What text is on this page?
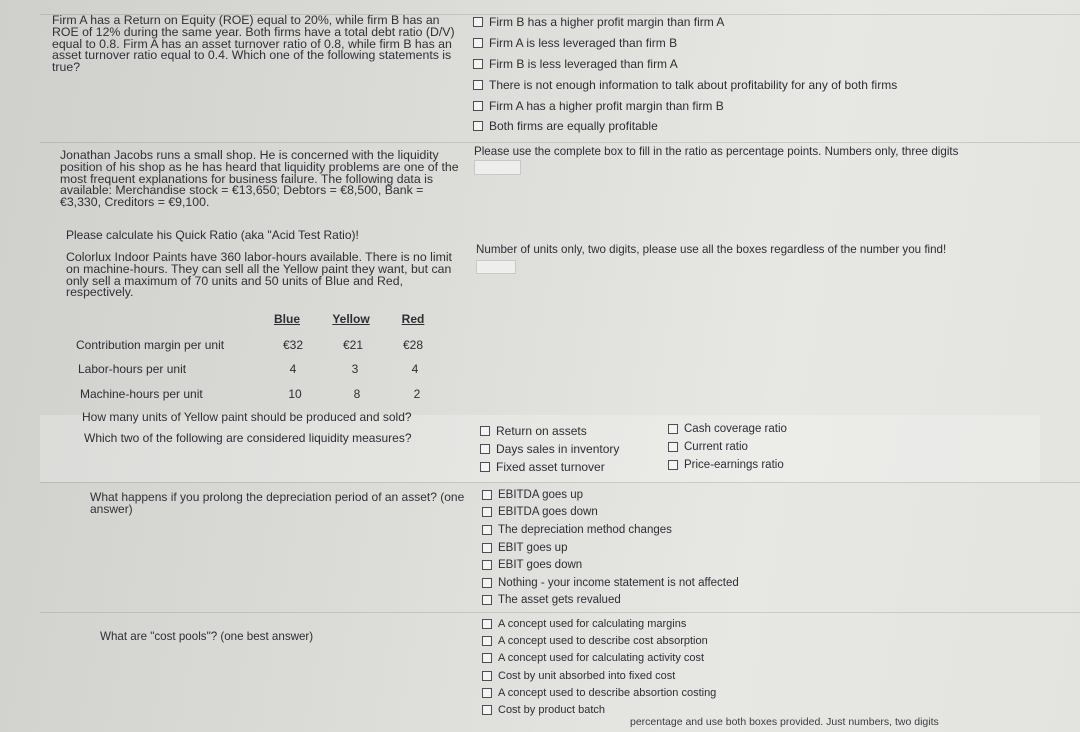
Firm A has a Return on Equity (ROE) equal to 20%, while firm B has an ROE of 12% during the same year. Both firms have a total debt ratio (D/V) equal to 0.8. Firm A has an asset turnover ratio of 0.8, while firm B has an asset turnover ratio equal to 0.4. Which one of the following statements is true?
Firm B has a higher profit margin than firm A
Firm A is less leveraged than firm B
Firm B is less leveraged than firm A
There is not enough information to talk about profitability for any of both firms
Firm A has a higher profit margin than firm B
Both firms are equally profitable
Jonathan Jacobs runs a small shop. He is concerned with the liquidity position of his shop as he has heard that liquidity problems are one of the most frequent explanations for business failure. The following data is available: Merchandise stock = €13,650; Debtors = €8,500, Bank = €3,330, Creditors = €9,100.
Please calculate his Quick Ratio (aka "Acid Test Ratio)!
Please use the complete box to fill in the ratio as percentage points. Numbers only, three digits
Colorlux Indoor Paints have 360 labor-hours available. There is no limit on machine-hours. They can sell all the Yellow paint they want, but can only sell a maximum of 70 units and 50 units of Blue and Red, respectively.
Number of units only, two digits, please use all the boxes regardless of the number you find!
Blue	Yellow	Red
Contribution margin per unit	€32	€21	€28
Labor-hours per unit	4	3	4
Machine-hours per unit	10	8	2
How many units of Yellow paint should be produced and sold?
Which two of the following are considered liquidity measures?	Return on assets
Days sales in inventory
Fixed asset turnover
Cash coverage ratio
Current ratio
Price-earnings ratio
What happens if you prolong the depreciation period of an asset? (one answer)
EBITDA goes up
EBITDA goes down
The depreciation method changes
EBIT goes up
EBIT goes down
Nothing - your income statement is not affected
The asset gets revalued
What are "cost pools"? (one best answer)
A concept used for calculating margins
A concept used to describe cost absorption
A concept used for calculating activity cost
Cost by unit absorbed into fixed cost
A concept used to describe absortion costing
Cost by product batch
percentage and use both boxes provided. Just numbers, two digits
